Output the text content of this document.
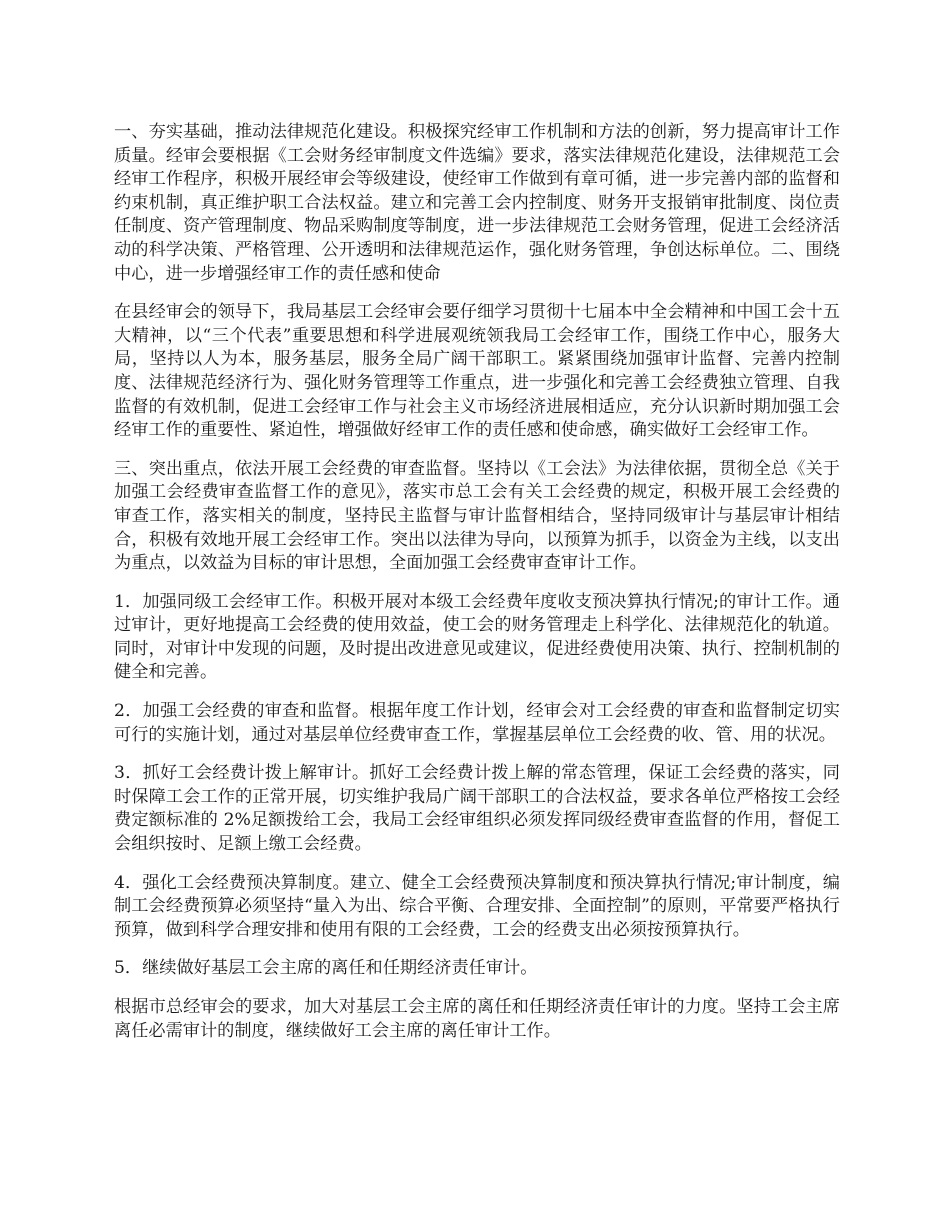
一、夯实基础，推动法律规范化建设。积极探究经审工作机制和方法的创新，努力提高审计工作质量。经审会要根据《工会财务经审制度文件选编》要求，落实法律规范化建设，法律规范工会经审工作程序，积极开展经审会等级建设，使经审工作做到有章可循，进一步完善内部的监督和约束机制，真正维护职工合法权益。建立和完善工会内控制度、财务开支报销审批制度、岗位责任制度、资产管理制度、物品采购制度等制度，进一步法律规范工会财务管理，促进工会经济活动的科学决策、严格管理、公开透明和法律规范运作，强化财务管理，争创达标单位。二、围绕中心，进一步增强经审工作的责任感和使命

在县经审会的领导下，我局基层工会经审会要仔细学习贯彻十七届本中全会精神和中国工会十五大精神，以“三个代表”重要思想和科学进展观统领我局工会经审工作，围绕工作中心，服务大局，坚持以人为本，服务基层，服务全局广阔干部职工。紧紧围绕加强审计监督、完善内控制度、法律规范经济行为、强化财务管理等工作重点，进一步强化和完善工会经费独立管理、自我监督的有效机制，促进工会经审工作与社会主义市场经济进展相适应，充分认识新时期加强工会经审工作的重要性、紧迫性，增强做好经审工作的责任感和使命感，确实做好工会经审工作。

三、突出重点，依法开展工会经费的审查监督。坚持以《工会法》为法律依据，贯彻全总《关于加强工会经费审查监督工作的意见》，落实市总工会有关工会经费的规定，积极开展工会经费的审查工作，落实相关的制度，坚持民主监督与审计监督相结合，坚持同级审计与基层审计相结合，积极有效地开展工会经审工作。突出以法律为导向，以预算为抓手，以资金为主线，以支出为重点，以效益为目标的审计思想，全面加强工会经费审查审计工作。

1．加强同级工会经审工作。积极开展对本级工会经费年度收支预决算执行情况;的审计工作。通过审计，更好地提高工会经费的使用效益，使工会的财务管理走上科学化、法律规范化的轨道。同时，对审计中发现的问题，及时提出改进意见或建议，促进经费使用决策、执行、控制机制的健全和完善。

2．加强工会经费的审查和监督。根据年度工作计划，经审会对工会经费的审查和监督制定切实可行的实施计划，通过对基层单位经费审查工作，掌握基层单位工会经费的收、管、用的状况。

3．抓好工会经费计拨上解审计。抓好工会经费计拨上解的常态管理，保证工会经费的落实，同时保障工会工作的正常开展，切实维护我局广阔干部职工的合法权益，要求各单位严格按工会经费定额标准的 2%足额拨给工会，我局工会经审组织必须发挥同级经费审查监督的作用，督促工会组织按时、足额上缴工会经费。

4．强化工会经费预决算制度。建立、健全工会经费预决算制度和预决算执行情况;审计制度，编制工会经费预算必须坚持“量入为出、综合平衡、合理安排、全面控制”的原则，平常要严格执行预算，做到科学合理安排和使用有限的工会经费，工会的经费支出必须按预算执行。

5．继续做好基层工会主席的离任和任期经济责任审计。

根据市总经审会的要求，加大对基层工会主席的离任和任期经济责任审计的力度。坚持工会主席离任必需审计的制度，继续做好工会主席的离任审计工作。
